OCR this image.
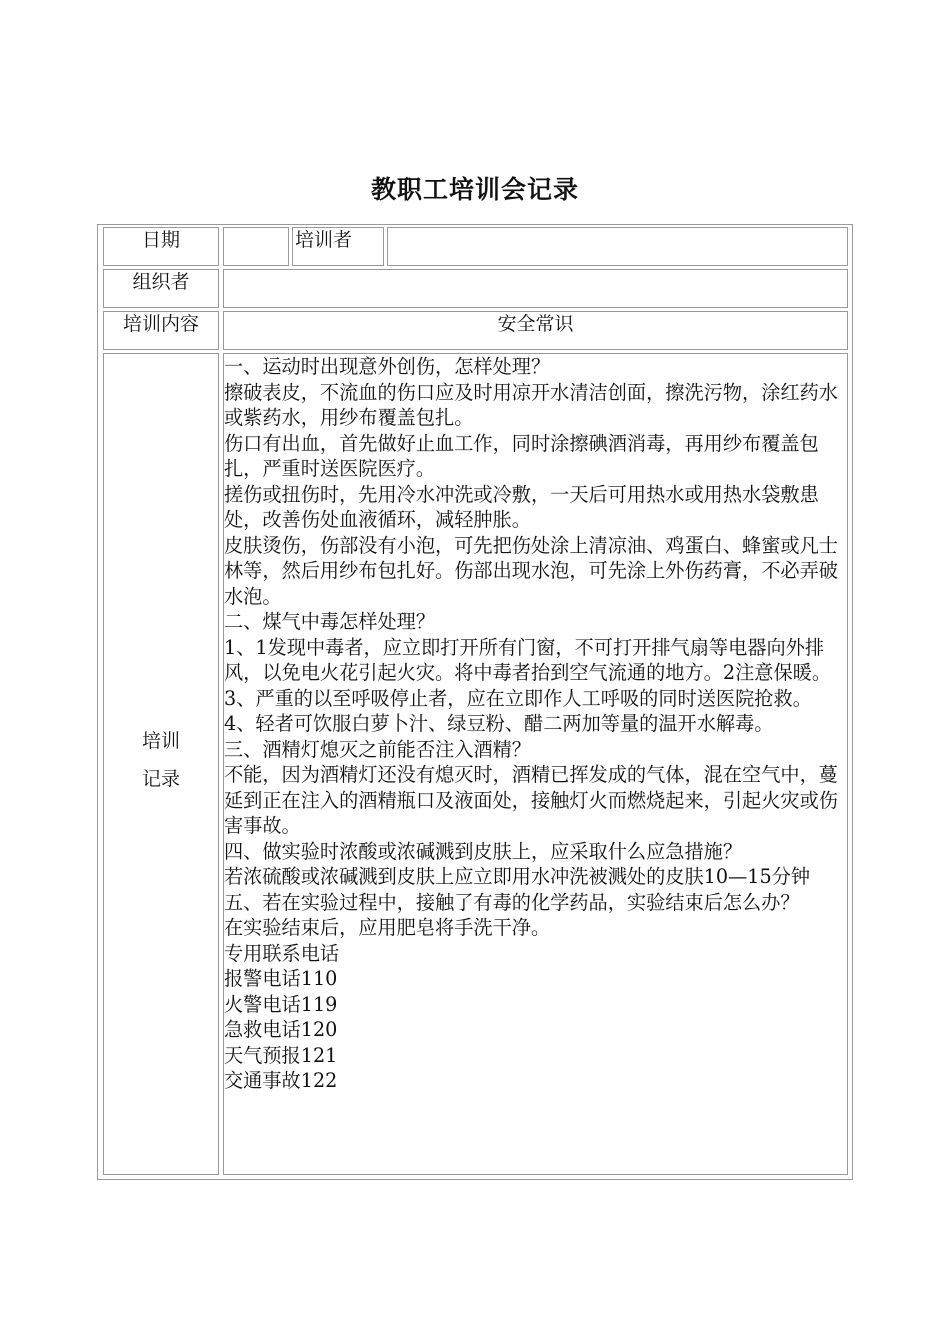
教职工培训会记录
日期	培训者
组织者
培训内容	安全常识
培训
记录
一、运动时出现意外创伤，怎样处理？
擦破表皮，不流血的伤口应及时用凉开水清洁创面，擦洗污物，涂红药水或紫药水，用纱布覆盖包扎。
伤口有出血，首先做好止血工作，同时涂擦碘酒消毒，再用纱布覆盖包扎，严重时送医院医疗。
搓伤或扭伤时，先用冷水冲洗或冷敷，一天后可用热水或用热水袋敷患处，改善伤处血液循环，减轻肿胀。
皮肤烫伤，伤部没有小泡，可先把伤处涂上清凉油、鸡蛋白、蜂蜜或凡士林等，然后用纱布包扎好。伤部出现水泡，可先涂上外伤药膏，不必弄破水泡。
二、煤气中毒怎样处理？
1、1发现中毒者，应立即打开所有门窗，不可打开排气扇等电器向外排风，以免电火花引起火灾。将中毒者抬到空气流通的地方。2注意保暖。
3、严重的以至呼吸停止者，应在立即作人工呼吸的同时送医院抢救。
4、轻者可饮服白萝卜汁、绿豆粉、醋二两加等量的温开水解毒。
三、酒精灯熄灭之前能否注入酒精？
不能，因为酒精灯还没有熄灭时，酒精已挥发成的气体，混在空气中，蔓延到正在注入的酒精瓶口及液面处，接触灯火而燃烧起来，引起火灾或伤害事故。
四、做实验时浓酸或浓碱溅到皮肤上，应采取什么应急措施？
若浓硫酸或浓碱溅到皮肤上应立即用水冲洗被溅处的皮肤10—15分钟
五、若在实验过程中，接触了有毒的化学药品，实验结束后怎么办？
在实验结束后，应用肥皂将手洗干净。
专用联系电话
报警电话110
火警电话119
急救电话120
天气预报121
交通事故122
